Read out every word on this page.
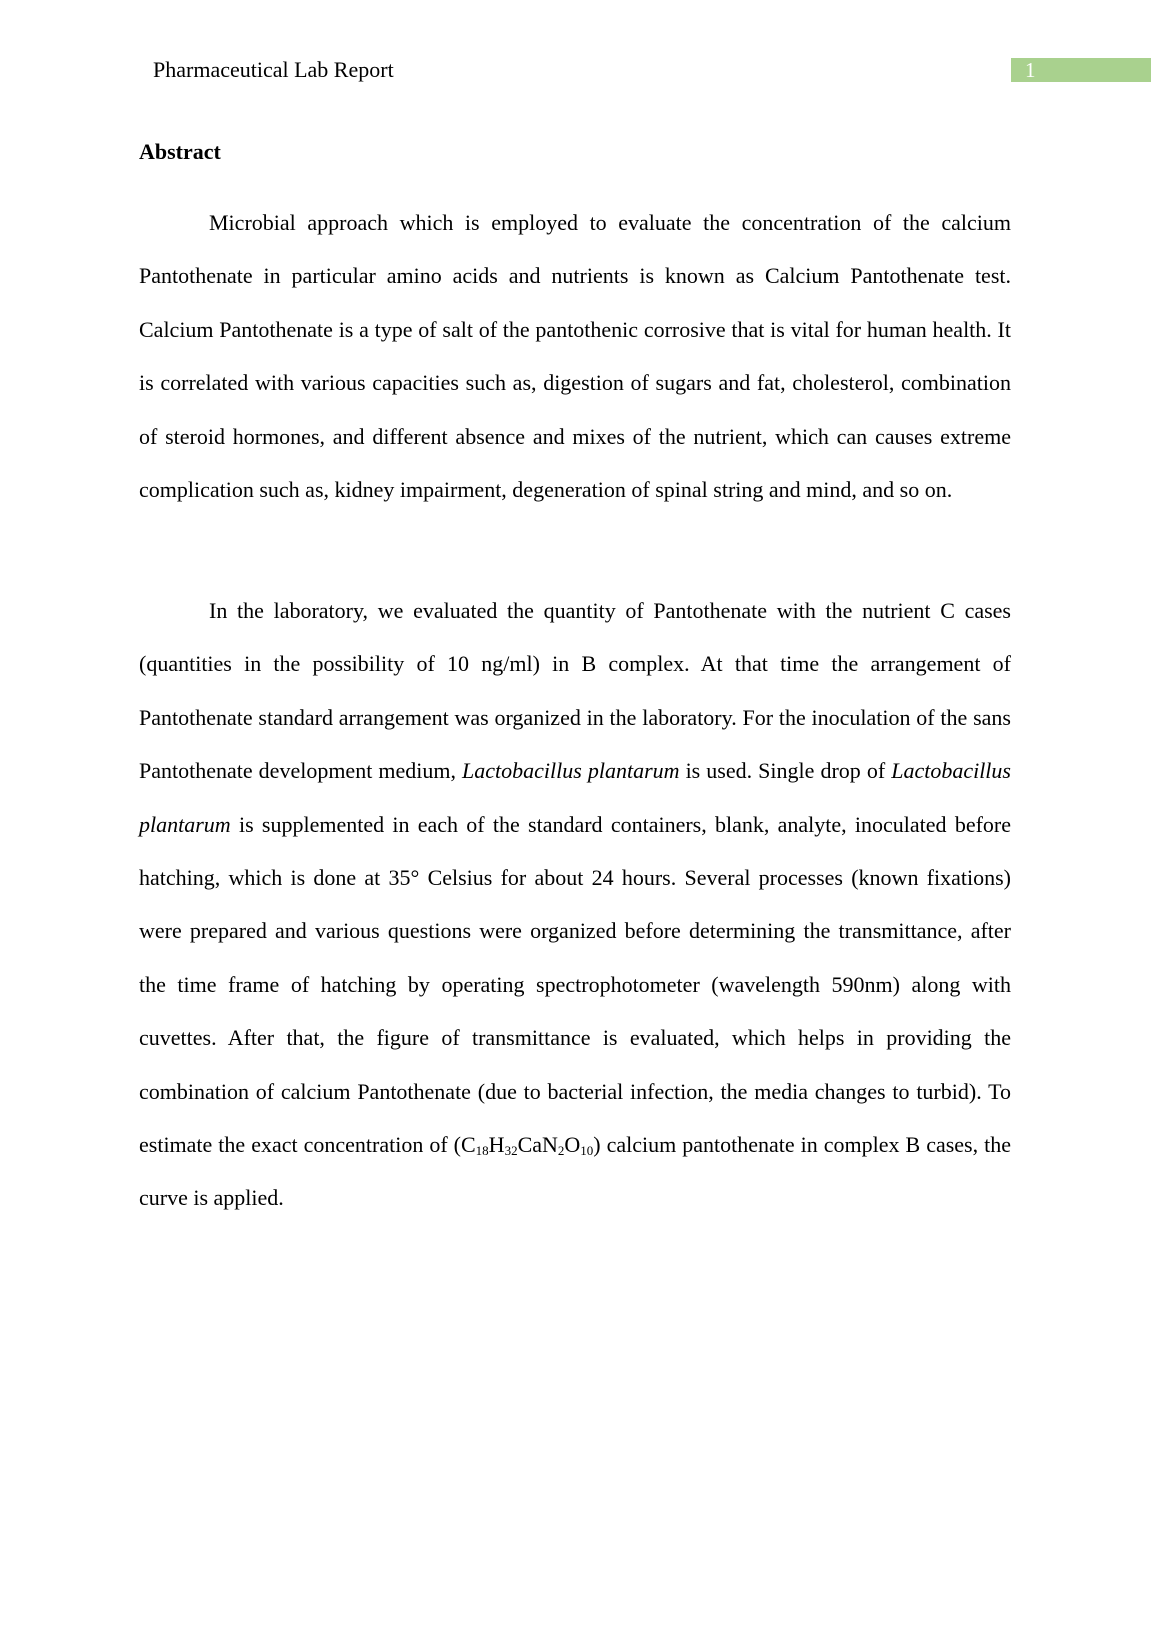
Pharmaceutical Lab Report	1
Abstract

Microbial approach which is employed to evaluate the concentration of the calcium Pantothenate in particular amino acids and nutrients is known as Calcium Pantothenate test. Calcium Pantothenate is a type of salt of the pantothenic corrosive that is vital for human health. It is correlated with various capacities such as, digestion of sugars and fat, cholesterol, combination of steroid hormones, and different absence and mixes of the nutrient, which can causes extreme complication such as, kidney impairment, degeneration of spinal string and mind, and so on.

In the laboratory, we evaluated the quantity of Pantothenate with the nutrient C cases (quantities in the possibility of 10 ng/ml) in B complex. At that time the arrangement of Pantothenate standard arrangement was organized in the laboratory. For the inoculation of the sans Pantothenate development medium, Lactobacillus plantarum is used. Single drop of Lactobacillus plantarum is supplemented in each of the standard containers, blank, analyte, inoculated before hatching, which is done at 35° Celsius for about 24 hours. Several processes (known fixations) were prepared and various questions were organized before determining the transmittance, after the time frame of hatching by operating spectrophotometer (wavelength 590nm) along with cuvettes. After that, the figure of transmittance is evaluated, which helps in providing the combination of calcium Pantothenate (due to bacterial infection, the media changes to turbid). To estimate the exact concentration of $(C_{18}H_{32}CaN_2O_{10})$ calcium pantothenate in complex B cases, the curve is applied.
